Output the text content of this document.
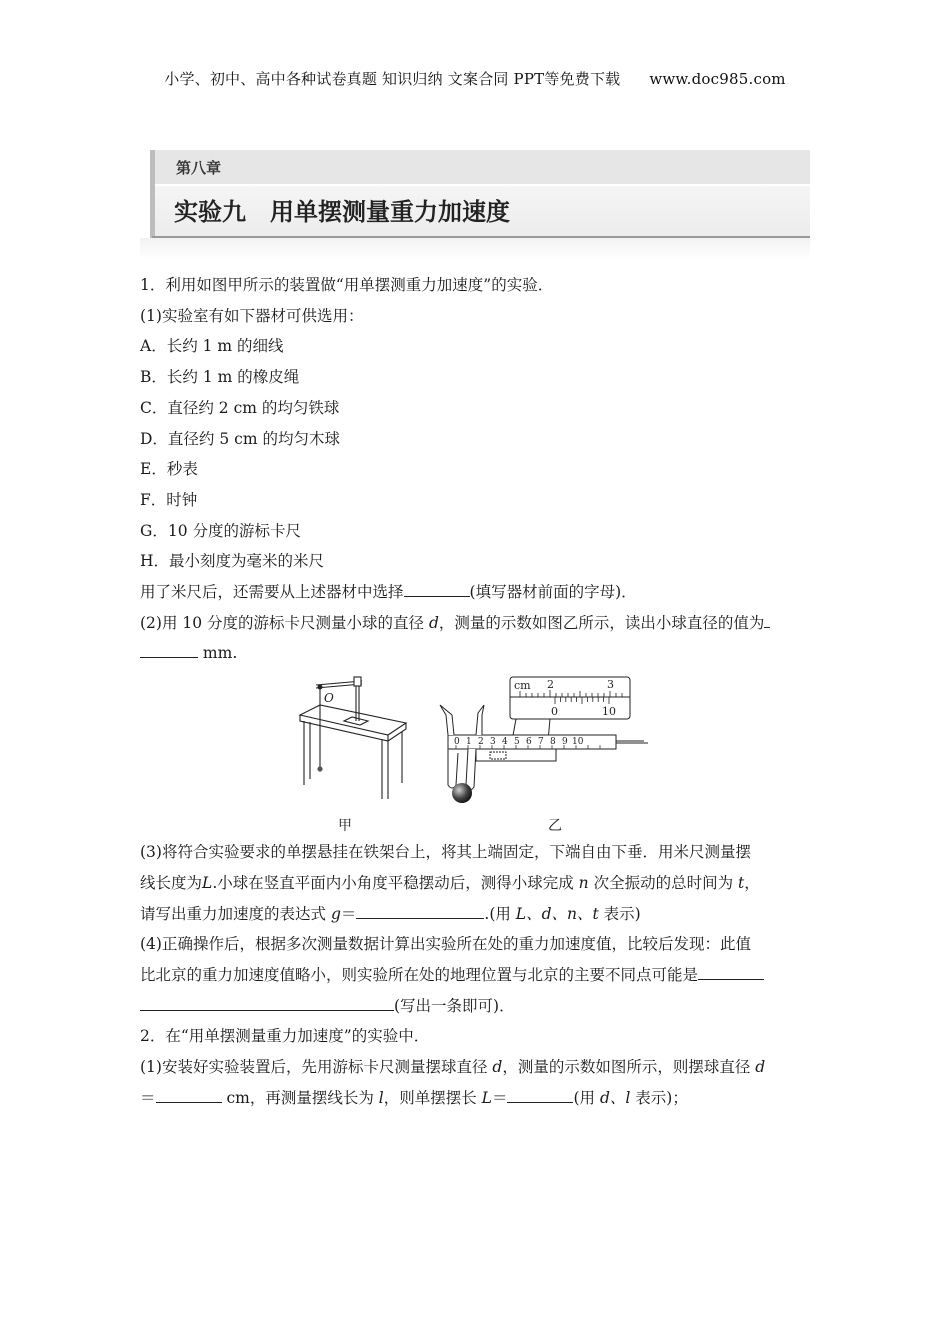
小学、初中、高中各种试卷真题 知识归纳 文案合同 PPT等免费下载 www.doc985.com
第八章
实验九　用单摆测量重力加速度

1．利用如图甲所示的装置做“用单摆测重力加速度”的实验．

(1)实验室有如下器材可供选用：

A．长约 1 m 的细线

B．长约 1 m 的橡皮绳

C．直径约 2 cm 的均匀铁球

D．直径约 5 cm 的均匀木球

E．秒表

F．时钟

G．10 分度的游标卡尺

H．最小刻度为毫米的米尺

用了米尺后，还需要从上述器材中选择	(填写器材前面的字母)．

(2)用 10 分度的游标卡尺测量小球的直径 d，测量的示数如图乙所示，读出小球直径的值为
mm.

O
甲
cm 2	3
0	10
0 1 2 3 4 5 6 7 8 9 10
乙

(3)将符合实验要求的单摆悬挂在铁架台上，将其上端固定，下端自由下垂．用米尺测量摆

线长度为L.小球在竖直平面内小角度平稳摆动后，测得小球完成 n 次全振动的总时间为 t，

请写出重力加速度的表达式 g＝	.(用 L、d、n、t 表示)

(4)正确操作后，根据多次测量数据计算出实验所在处的重力加速度值，比较后发现：此值

比北京的重力加速度值略小，则实验所在处的地理位置与北京的主要不同点可能是

(写出一条即可)．

2．在“用单摆测量重力加速度”的实验中．

(1)安装好实验装置后，先用游标卡尺测量摆球直径 d，测量的示数如图所示，则摆球直径 d

＝	cm，再测量摆线长为 l，则单摆摆长 L＝	(用 d、l 表示)；
